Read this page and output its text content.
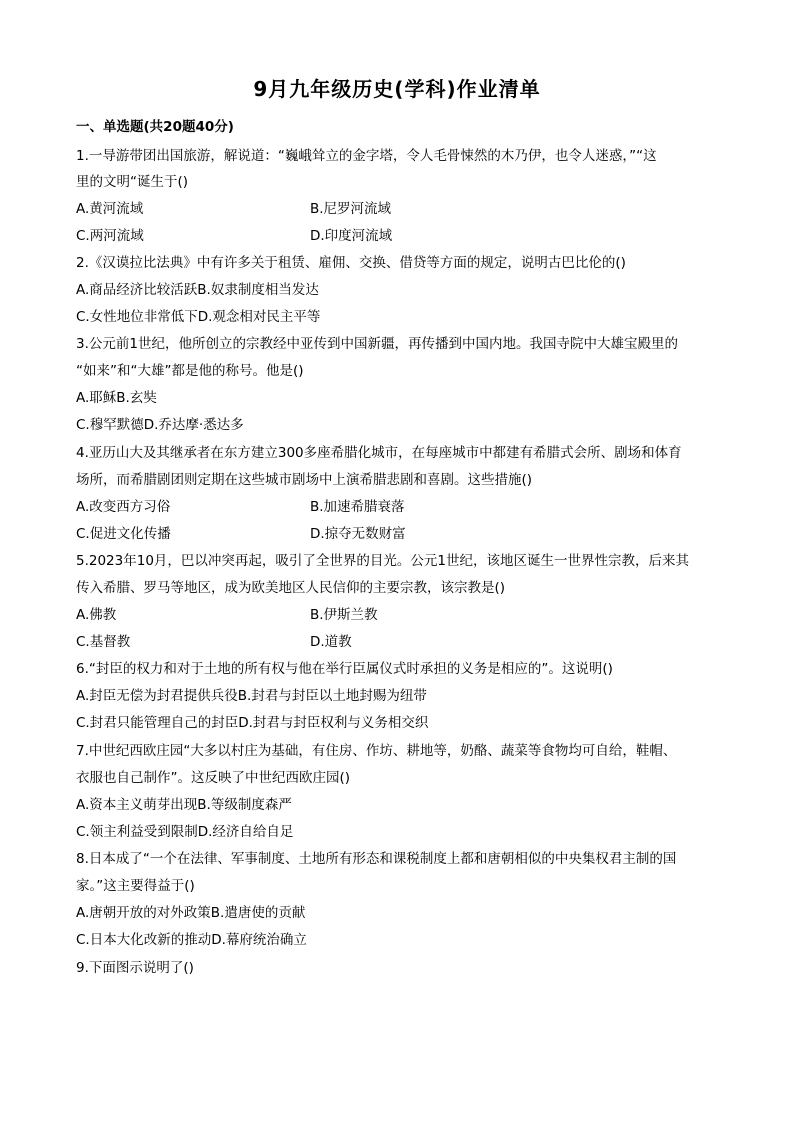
9月九年级历史(学科)作业清单
一、单选题(共20题40分)
1.一导游带团出国旅游，解说道：“巍峨耸立的金字塔，令人毛骨悚然的木乃伊，也令人迷惑，”“这
里的文明“诞生于()
A.黄河流域	B.尼罗河流域
C.两河流域	D.印度河流域
2.《汉谟拉比法典》中有许多关于租赁、雇佣、交换、借贷等方面的规定，说明古巴比伦的()
A.商品经济比较活跃B.奴隶制度相当发达
C.女性地位非常低下D.观念相对民主平等
3.公元前1世纪，他所创立的宗教经中亚传到中国新疆，再传播到中国内地。我国寺院中大雄宝殿里的
“如来”和“大雄”都是他的称号。他是()
A.耶稣B.玄奘
C.穆罕默德D.乔达摩·悉达多
4.亚历山大及其继承者在东方建立300多座希腊化城市，在每座城市中都建有希腊式会所、剧场和体育
场所，而希腊剧团则定期在这些城市剧场中上演希腊悲剧和喜剧。这些措施()
A.改变西方习俗	B.加速希腊衰落
C.促进文化传播	D.掠夺无数财富
5.2023年10月，巴以冲突再起，吸引了全世界的目光。公元1世纪，该地区诞生一世界性宗教，后来其
传入希腊、罗马等地区，成为欧美地区人民信仰的主要宗教，该宗教是()
A.佛教	B.伊斯兰教
C.基督教	D.道教
6.“封臣的权力和对于土地的所有权与他在举行臣属仪式时承担的义务是相应的”。这说明()
A.封臣无偿为封君提供兵役B.封君与封臣以土地封赐为纽带
C.封君只能管理自己的封臣D.封君与封臣权利与义务相交织
7.中世纪西欧庄园“大多以村庄为基础，有住房、作坊、耕地等，奶酪、蔬菜等食物均可自给，鞋帽、
衣服也自己制作”。这反映了中世纪西欧庄园()
A.资本主义萌芽出现B.等级制度森严
C.领主利益受到限制D.经济自给自足
8.日本成了“一个在法律、军事制度、土地所有形态和课税制度上都和唐朝相似的中央集权君主制的国
家。”这主要得益于()
A.唐朝开放的对外政策B.遣唐使的贡献
C.日本大化改新的推动D.幕府统治确立
9.下面图示说明了()
